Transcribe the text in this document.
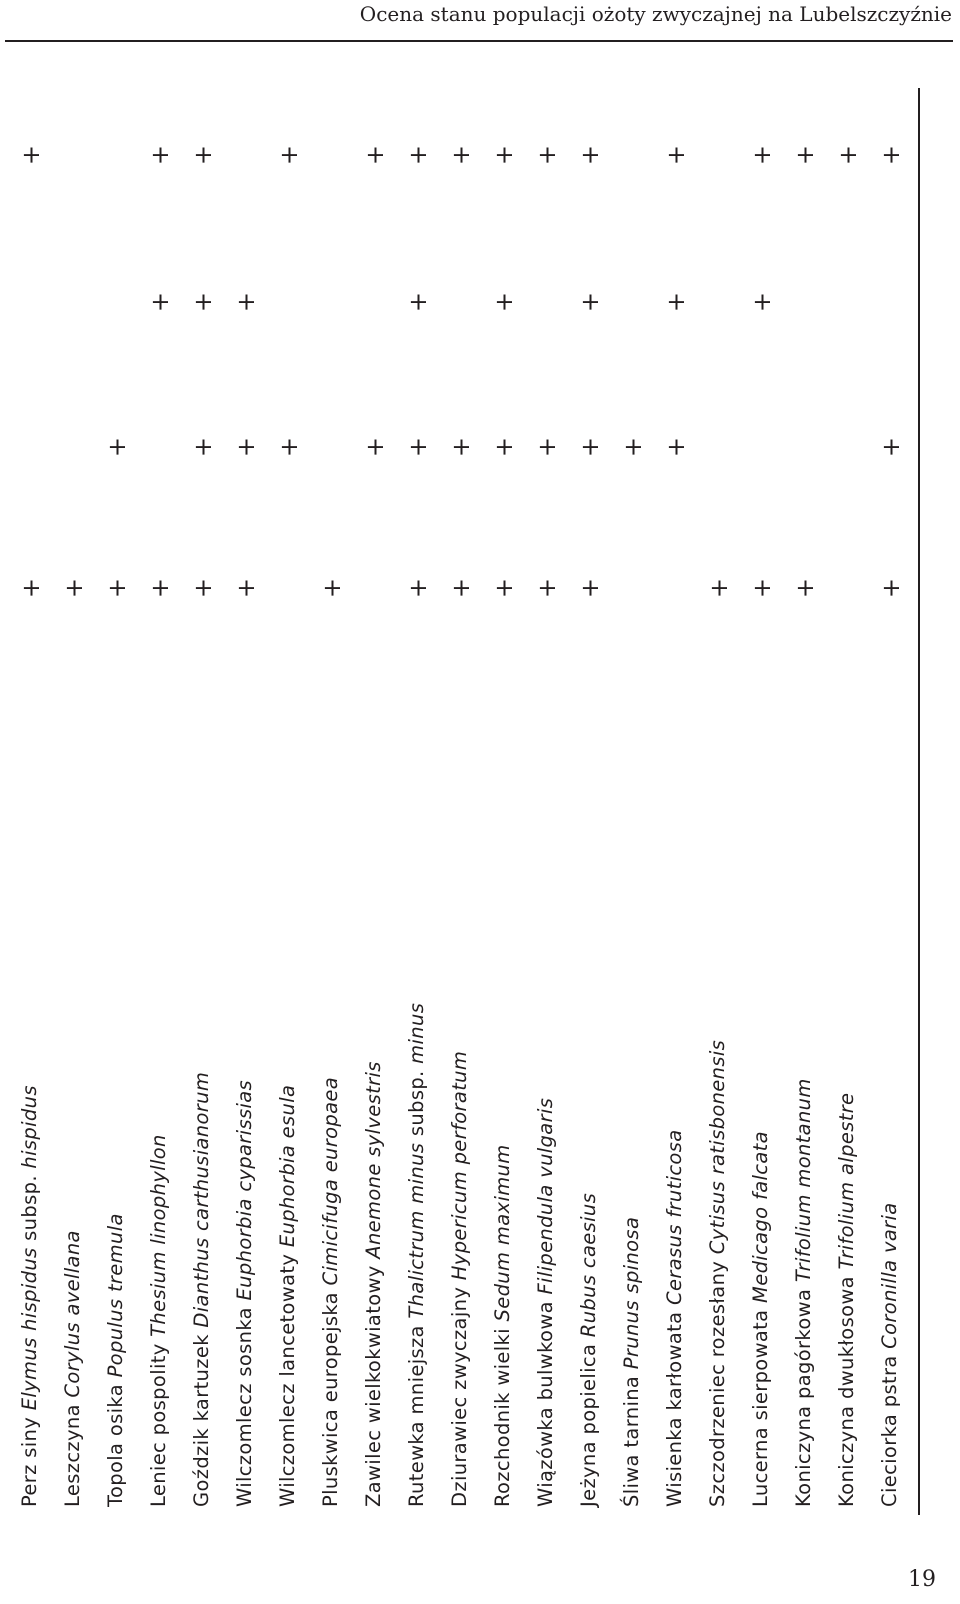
Ocena stanu populacji ożoty zwyczajnej na Lubelszczyźnie
Perz siny Elymus hispidus subsp. hispidus
+
+
Leszczyna Corylus avellana
+
Topola osika Populus tremula
+
+
Leniec pospolity Thesium linophyllon
+
+
+
Goździk kartuzek Dianthus carthusianorum
+
+
+
+
Wilczomlecz sosnka Euphorbia cyparissias
+
+
+
Wilczomlecz lancetowaty Euphorbia esula
+
+
Pluskwica europejska Cimicifuga europaea
+
Zawilec wielkokwiatowy Anemone sylvestris
+
+
Rutewka mniejsza Thalictrum minus subsp. minus
+
+
+
+
Dziurawiec zwyczajny Hypericum perforatum
+
+
+
Rozchodnik wielki Sedum maximum
+
+
+
+
Wiązówka bulwkowa Filipendula vulgaris
+
+
+
Jeżyna popielica Rubus caesius
+
+
+
+
Śliwa tarnina Prunus spinosa
+
Wisienka karłowata Cerasus fruticosa
+
+
+
Szczodrzeniec rozesłany Cytisus ratisbonensis
+
Lucerna sierpowata Medicago falcata
+
+
+
Koniczyna pagórkowa Trifolium montanum
+
+
Koniczyna dwukłosowa Trifolium alpestre
+
Cieciorka pstra Coronilla varia
+
+
+
19
